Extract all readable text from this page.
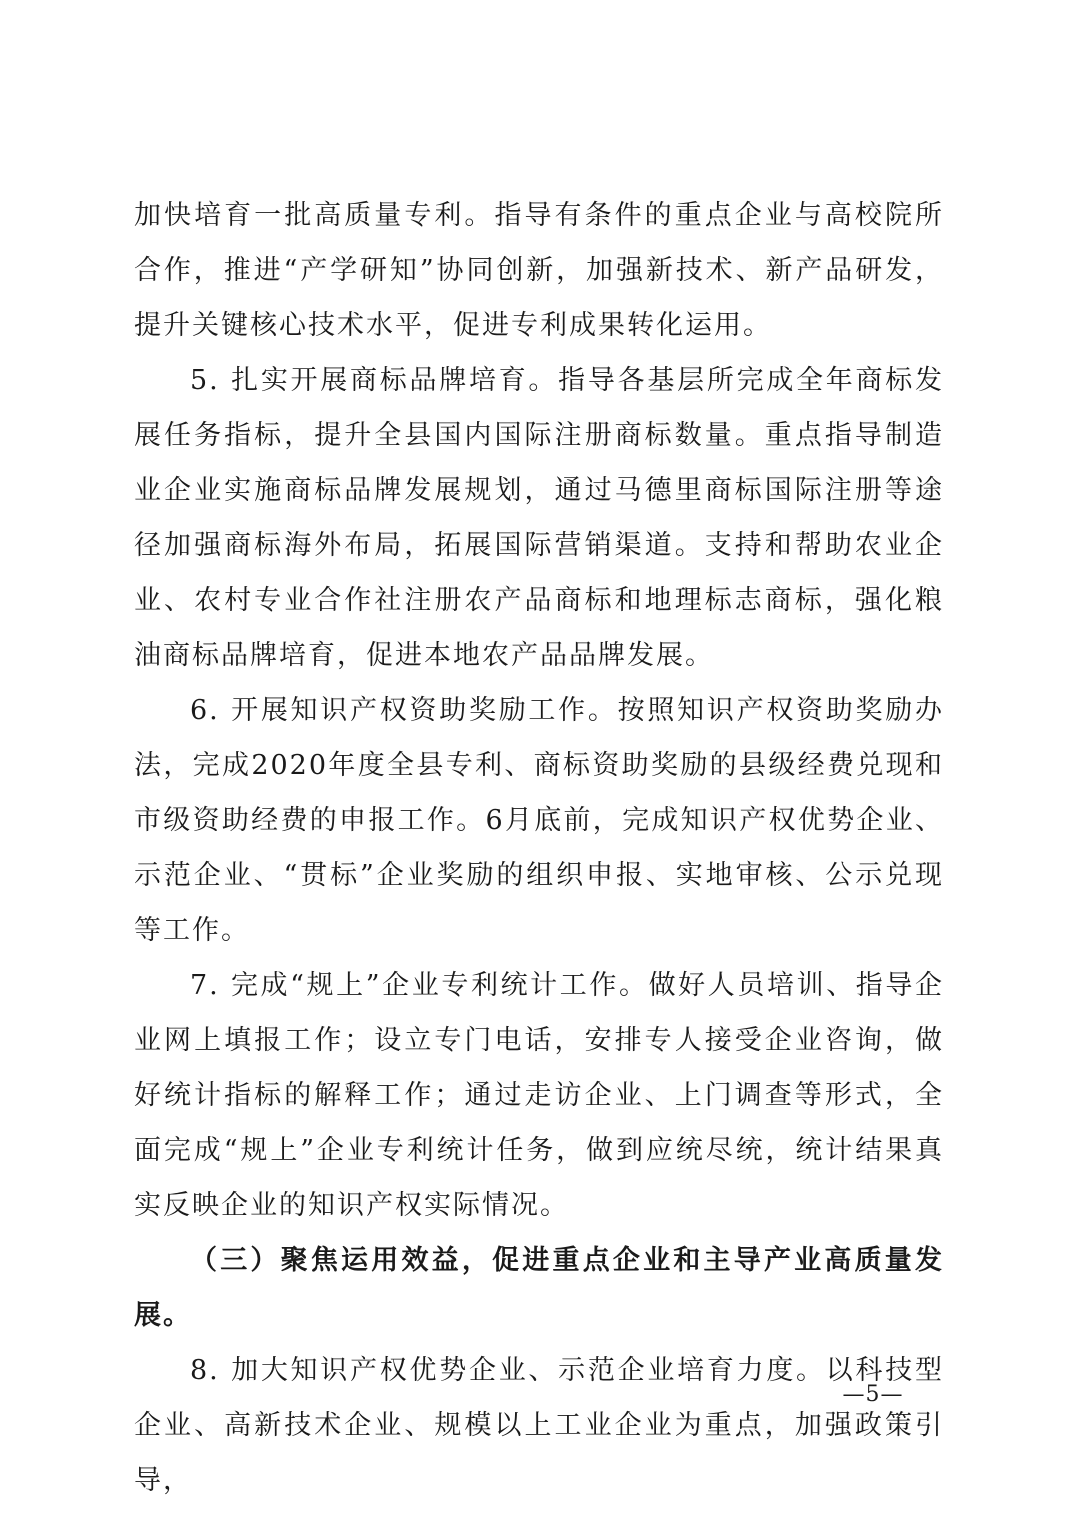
加快培育一批高质量专利。指导有条件的重点企业与高校院所合作，推进“产学研知”协同创新，加强新技术、新产品研发，提升关键核心技术水平，促进专利成果转化运用。

5. 扎实开展商标品牌培育。指导各基层所完成全年商标发展任务指标，提升全县国内国际注册商标数量。重点指导制造业企业实施商标品牌发展规划，通过马德里商标国际注册等途径加强商标海外布局，拓展国际营销渠道。支持和帮助农业企业、农村专业合作社注册农产品商标和地理标志商标，强化粮油商标品牌培育，促进本地农产品品牌发展。

6. 开展知识产权资助奖励工作。按照知识产权资助奖励办法，完成2020年度全县专利、商标资助奖励的县级经费兑现和市级资助经费的申报工作。6月底前，完成知识产权优势企业、示范企业、“贯标”企业奖励的组织申报、实地审核、公示兑现等工作。

7. 完成“规上”企业专利统计工作。做好人员培训、指导企业网上填报工作；设立专门电话，安排专人接受企业咨询，做好统计指标的解释工作；通过走访企业、上门调查等形式，全面完成“规上”企业专利统计任务，做到应统尽统，统计结果真实反映企业的知识产权实际情况。

（三）聚焦运用效益，促进重点企业和主导产业高质量发展。

8. 加大知识产权优势企业、示范企业培育力度。以科技型企业、高新技术企业、规模以上工业企业为重点，加强政策引导，

—5—
